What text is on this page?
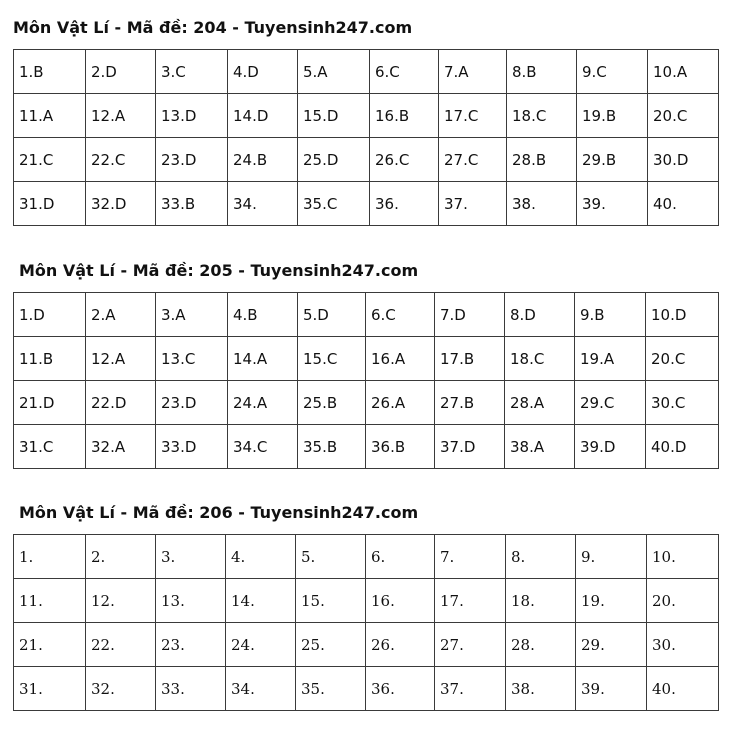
Môn Vật Lí - Mã đề: 204 - Tuyensinh247.com
1.B	2.D	3.C	4.D	5.A	6.C	7.A	8.B	9.C	10.A
11.A	12.A	13.D	14.D	15.D	16.B	17.C	18.C	19.B	20.C
21.C	22.C	23.D	24.B	25.D	26.C	27.C	28.B	29.B	30.D
31.D	32.D	33.B	34.	35.C	36.	37.	38.	39.	40.
Môn Vật Lí - Mã đề: 205 - Tuyensinh247.com
1.D	2.A	3.A	4.B	5.D	6.C	7.D	8.D	9.B	10.D
11.B	12.A	13.C	14.A	15.C	16.A	17.B	18.C	19.A	20.C
21.D	22.D	23.D	24.A	25.B	26.A	27.B	28.A	29.C	30.C
31.C	32.A	33.D	34.C	35.B	36.B	37.D	38.A	39.D	40.D
Môn Vật Lí - Mã đề: 206 - Tuyensinh247.com
1.	2.	3.	4.	5.	6.	7.	8.	9.	10.
11.	12.	13.	14.	15.	16.	17.	18.	19.	20.
21.	22.	23.	24.	25.	26.	27.	28.	29.	30.
31.	32.	33.	34.	35.	36.	37.	38.	39.	40.
